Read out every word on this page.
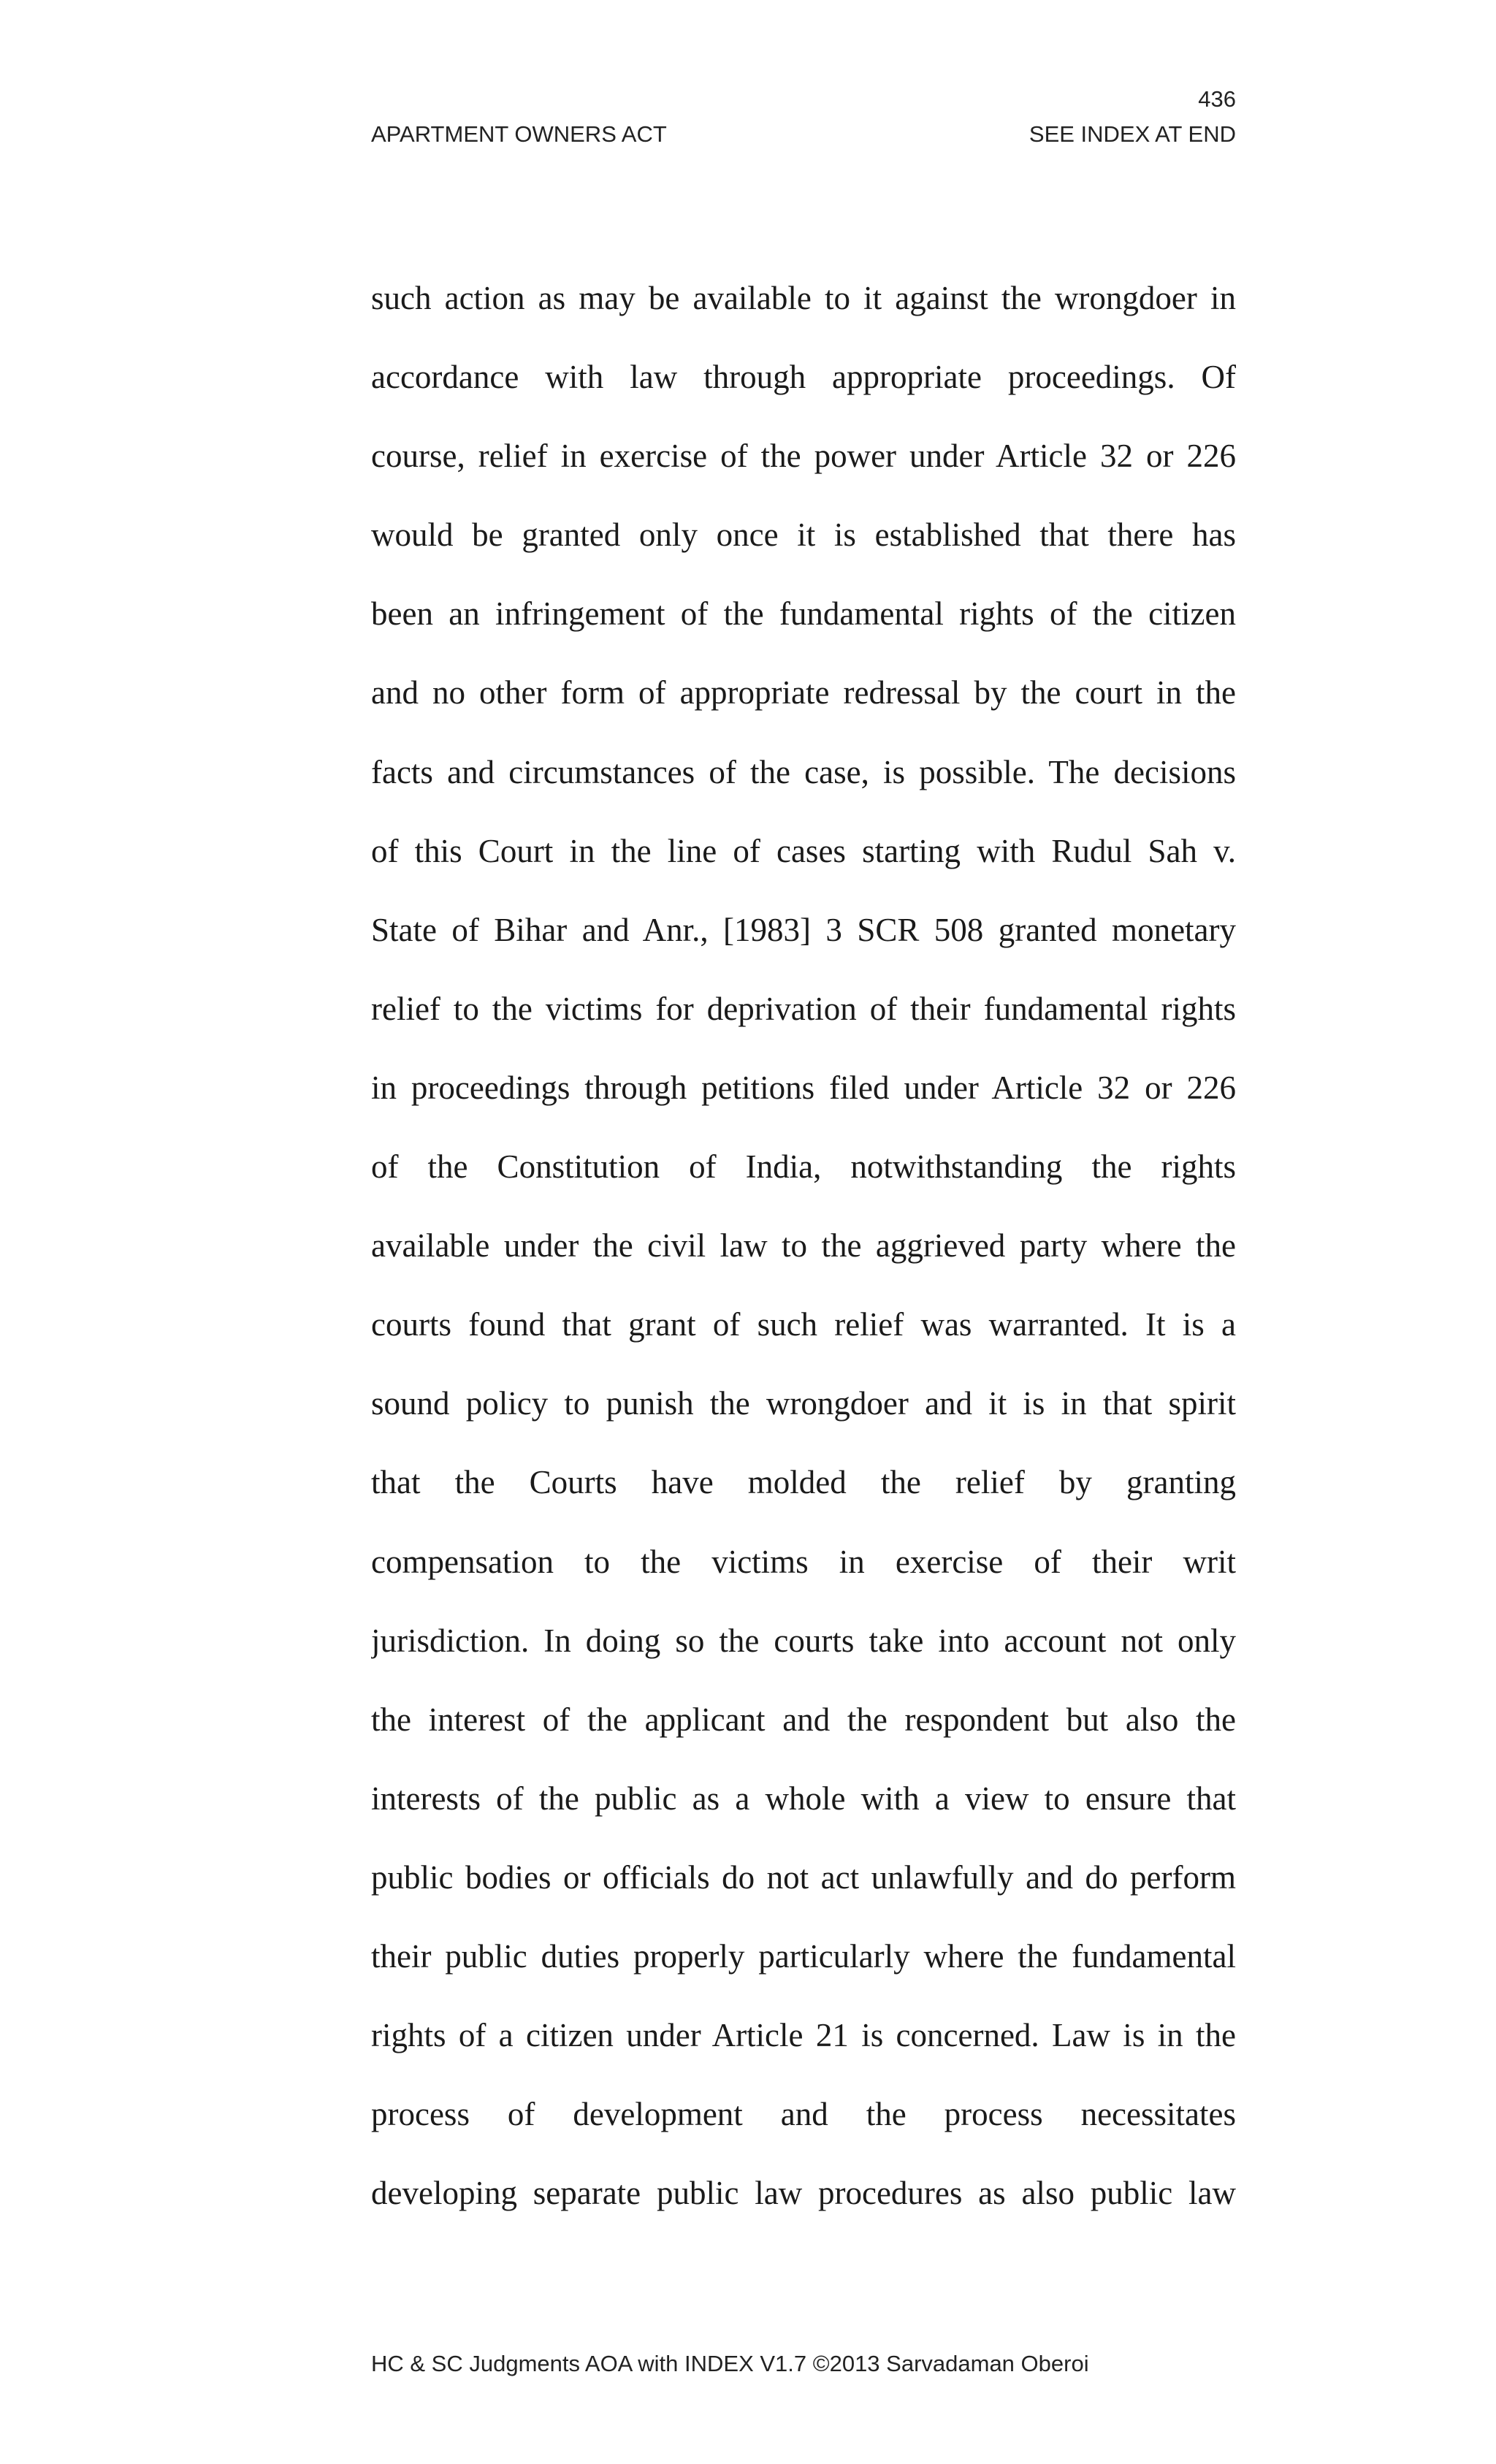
436
APARTMENT OWNERS ACT	SEE INDEX AT END
such action as may be available to it against the wrongdoer in
accordance with law through appropriate proceedings. Of
course, relief in exercise of the power under Article 32 or 226
would be granted only once it is established that there has
been an infringement of the fundamental rights of the citizen
and no other form of appropriate redressal by the court in the
facts and circumstances of the case, is possible. The decisions
of this Court in the line of cases starting with Rudul Sah v.
State of Bihar and Anr., [1983] 3 SCR 508 granted monetary
relief to the victims for deprivation of their fundamental rights
in proceedings through petitions filed under Article 32 or 226
of the Constitution of India, notwithstanding the rights
available under the civil law to the aggrieved party where the
courts found that grant of such relief was warranted. It is a
sound policy to punish the wrongdoer and it is in that spirit
that the Courts have molded the relief by granting
compensation to the victims in exercise of their writ
jurisdiction. In doing so the courts take into account not only
the interest of the applicant and the respondent but also the
interests of the public as a whole with a view to ensure that
public bodies or officials do not act unlawfully and do perform
their public duties properly particularly where the fundamental
rights of a citizen under Article 21 is concerned. Law is in the
process of development and the process necessitates
developing separate public law procedures as also public law
HC & SC Judgments AOA with INDEX V1.7 ©2013 Sarvadaman Oberoi
